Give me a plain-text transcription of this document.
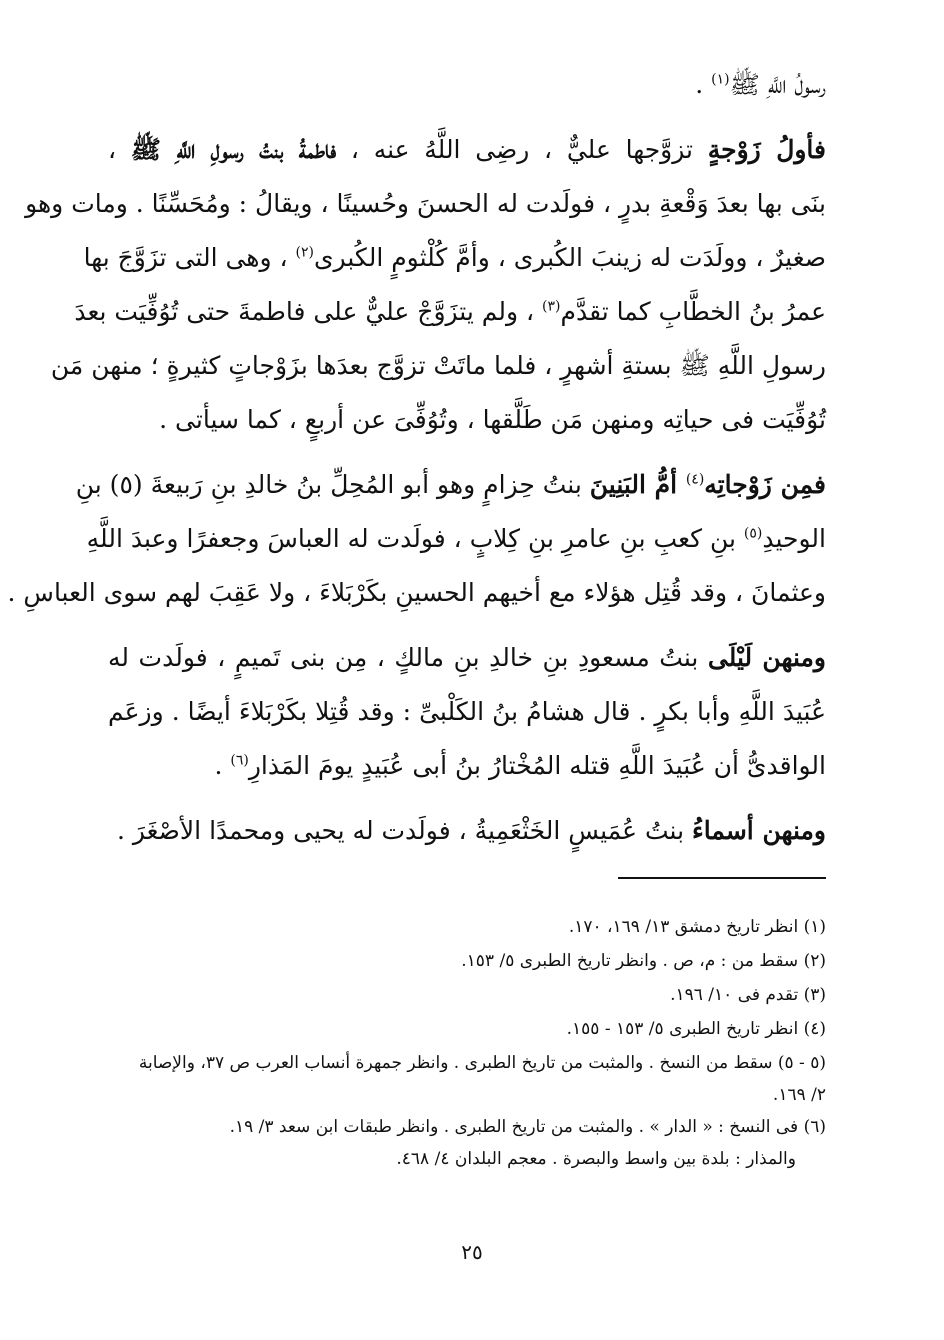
رسولُ اللَّهِ ﷺ$^{(١)}$ .
فأولُ زَوْجةٍ تزوَّجها عليٌّ ، رضِى اللَّهُ عنه ، فاطمةُ بنتُ رسولِ اللَّهِ ﷺ ،
بنَى بها بعدَ وَقْعةِ بدرٍ ، فولَدت له الحسنَ وحُسينًا ، ويقالُ : ومُحَسِّنًا . ومات وهو
صغيرٌ ، وولَدَت له زينبَ الكُبرى ، وأمَّ كُلْثومٍ الكُبرى$^{(٢)}$ ، وهى التى تزَوَّجَ بها
عمرُ بنُ الخطَّابِ كما تقدَّم$^{(٣)}$ ، ولم يتزَوَّجْ عليٌّ على فاطمةَ حتى تُوُفِّيَت بعدَ
رسولِ اللَّهِ ﷺ بستةِ أشهرٍ ، فلما ماتَتْ تزوَّج بعدَها بزَوْجاتٍ كثيرةٍ ؛ منهن مَن
تُوُفِّيَت فى حياتِه ومنهن مَن طَلَّقها ، وتُوُفِّىَ عن أربعٍ ، كما سيأتى .
فمِن زَوْجاتِه$^{(٤)}$ أمُّ البَنِينَ بنتُ حِزامٍ وهو أبو المُحِلِّ بنُ خالدِ بنِ رَبيعةَ (٥) بنِ
الوحيدِ$^{(٥)}$ بنِ كعبِ بنِ عامرِ بنِ كِلابٍ ، فولَدت له العباسَ وجعفرًا وعبدَ اللَّهِ
وعثمانَ ، وقد قُتِل هؤلاء مع أخيهم الحسينِ بكَرْبَلاءَ ، ولا عَقِبَ لهم سوى العباسِ .
ومنهن لَيْلَى بنتُ مسعودِ بنِ خالدِ بنِ مالكٍ ، مِن بنى تَميمٍ ، فولَدت له
عُبَيدَ اللَّهِ وأبا بكرٍ . قال هشامُ بنُ الكَلْبىِّ : وقد قُتِلا بكَرْبَلاءَ أيضًا . وزعَم
الواقدىُّ أن عُبَيدَ اللَّهِ قتله المُخْتارُ بنُ أبى عُبَيدٍ يومَ المَذارِ$^{(٦)}$ .
ومنهن أسماءُ بنتُ عُمَيسٍ الخَثْعَمِيةُ ، فولَدت له يحيى ومحمدًا الأصْغَرَ .
(١) انظر تاريخ دمشق ١٣/ ١٦٩، ١٧٠.
(٢) سقط من : م، ص . وانظر تاريخ الطبرى ٥/ ١٥٣.
(٣) تقدم فى ١٠/ ١٩٦.
(٤) انظر تاريخ الطبرى ٥/ ١٥٣ - ١٥٥.
(٥ - ٥) سقط من النسخ . والمثبت من تاريخ الطبرى . وانظر جمهرة أنساب العرب ص ٣٧، والإصابة
٢/ ١٦٩.
(٦) فى النسخ : « الدار » . والمثبت من تاريخ الطبرى . وانظر طبقات ابن سعد ٣/ ١٩.
والمذار : بلدة بين واسط والبصرة . معجم البلدان ٤/ ٤٦٨.
٢٥
